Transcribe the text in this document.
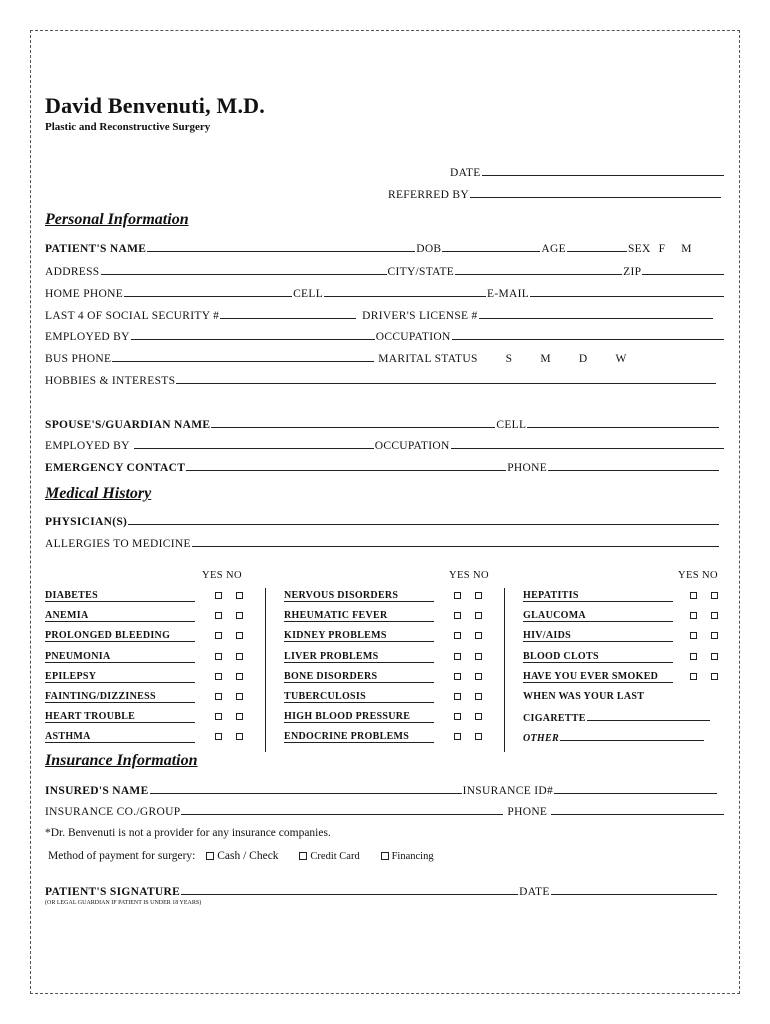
David Benvenuti, M.D.
Plastic and Reconstructive Surgery
DATE
REFERRED BY
Personal Information
PATIENT'S NAME	DOB	AGE	SEX F M
ADDRESS	CITY/STATE	ZIP
HOME PHONE	CELL	E-MAIL
LAST 4 OF SOCIAL SECURITY #	DRIVER'S LICENSE #
EMPLOYED BY	OCCUPATION
BUS PHONE	MARITAL STATUS S M D W
HOBBIES & INTERESTS
SPOUSE'S/GUARDIAN NAME	CELL
EMPLOYED BY	OCCUPATION
EMERGENCY CONTACT	PHONE
Medical History
PHYSICIAN(S)
ALLERGIES TO MEDICINE
YES NO	YES NO	YES NO
DIABETES
ANEMIA
PROLONGED BLEEDING
PNEUMONIA
EPILEPSY
FAINTING/DIZZINESS
HEART TROUBLE
ASTHMA
NERVOUS DISORDERS
RHEUMATIC FEVER
KIDNEY PROBLEMS
LIVER PROBLEMS
BONE DISORDERS
TUBERCULOSIS
HIGH BLOOD PRESSURE
ENDOCRINE PROBLEMS
HEPATITIS
GLAUCOMA
HIV/AIDS
BLOOD CLOTS
HAVE YOU EVER SMOKED
WHEN WAS YOUR LAST
CIGARETTE
OTHER
Insurance Information
INSURED'S NAME	INSURANCE ID#
INSURANCE CO./GROUP	PHONE
*Dr. Benvenuti is not a provider for any insurance companies.
Method of payment for surgery: Cash / Check	Credit Card	Financing
PATIENT'S SIGNATURE	DATE
(OR LEGAL GUARDIAN IF PATIENT IS UNDER 18 YEARS)
